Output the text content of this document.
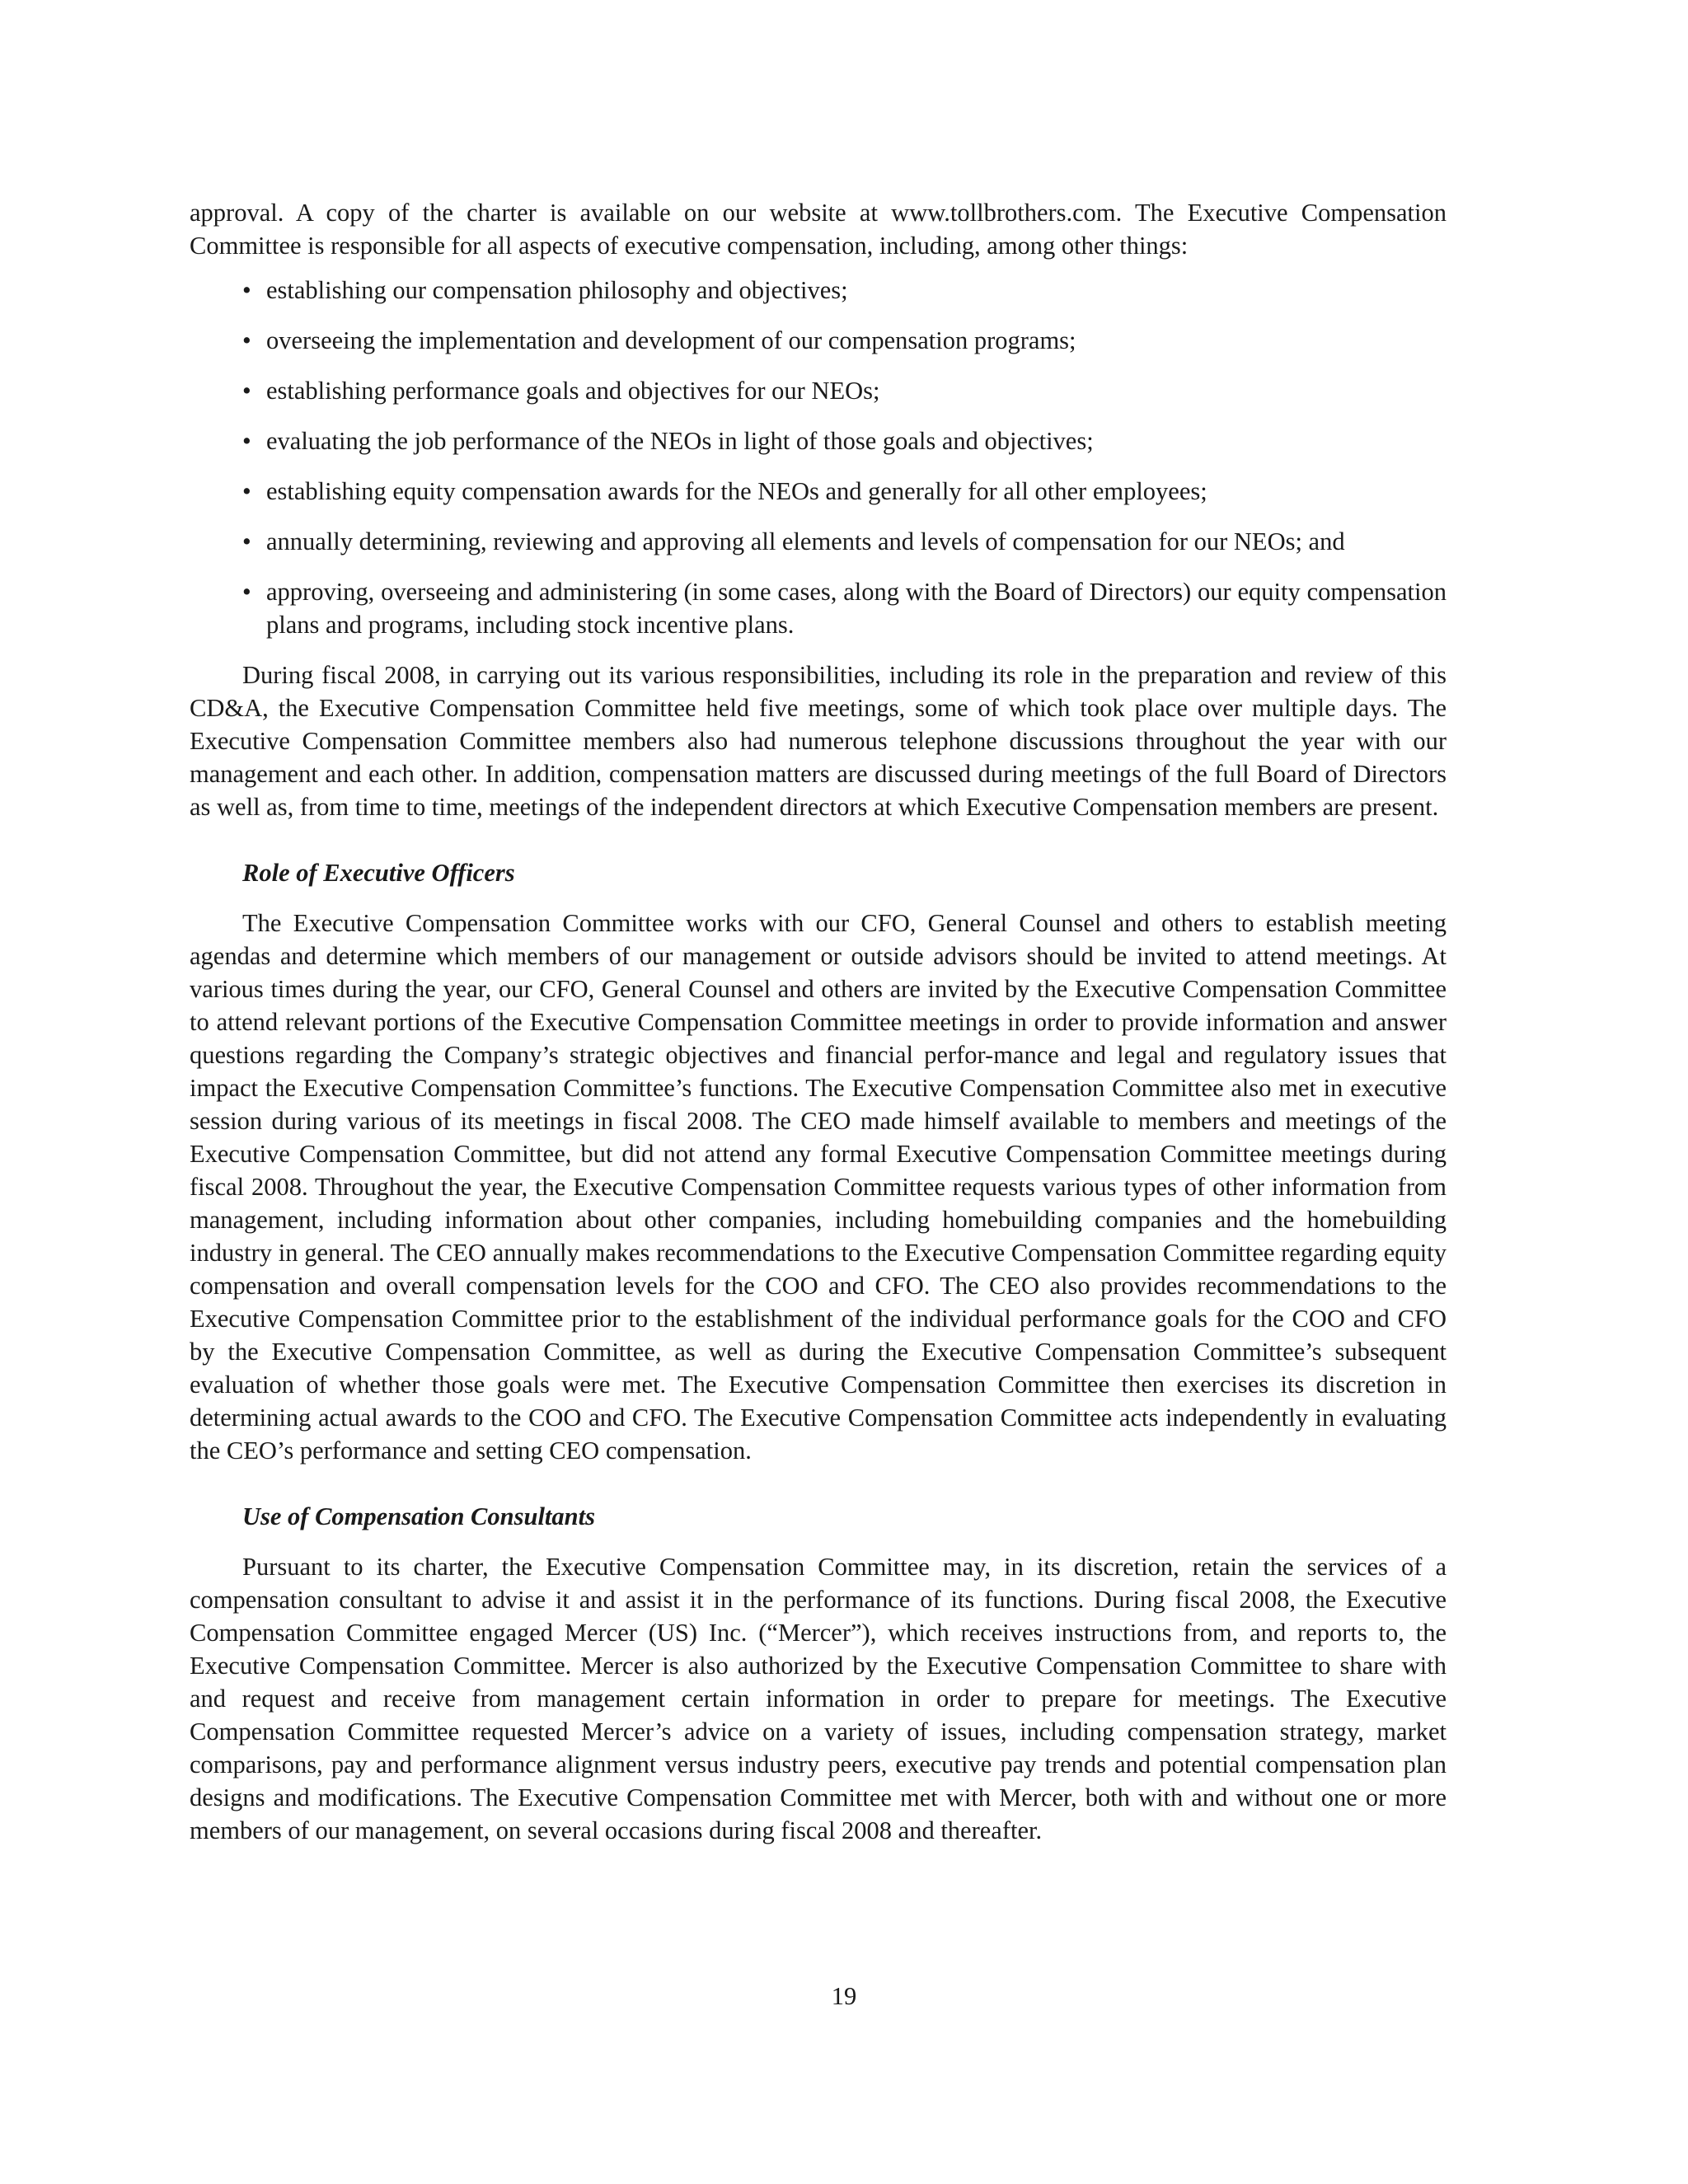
approval. A copy of the charter is available on our website at www.tollbrothers.com. The Executive Compensation Committee is responsible for all aspects of executive compensation, including, among other things:

• establishing our compensation philosophy and objectives;
• overseeing the implementation and development of our compensation programs;
• establishing performance goals and objectives for our NEOs;
• evaluating the job performance of the NEOs in light of those goals and objectives;
• establishing equity compensation awards for the NEOs and generally for all other employees;
• annually determining, reviewing and approving all elements and levels of compensation for our NEOs; and
• approving, overseeing and administering (in some cases, along with the Board of Directors) our equity compensation plans and programs, including stock incentive plans.

During fiscal 2008, in carrying out its various responsibilities, including its role in the preparation and review of this CD&A, the Executive Compensation Committee held five meetings, some of which took place over multiple days. The Executive Compensation Committee members also had numerous telephone discussions throughout the year with our management and each other. In addition, compensation matters are discussed during meetings of the full Board of Directors as well as, from time to time, meetings of the independent directors at which Executive Compensation members are present.

Role of Executive Officers

The Executive Compensation Committee works with our CFO, General Counsel and others to establish meeting agendas and determine which members of our management or outside advisors should be invited to attend meetings. At various times during the year, our CFO, General Counsel and others are invited by the Executive Compensation Committee to attend relevant portions of the Executive Compensation Committee meetings in order to provide information and answer questions regarding the Company’s strategic objectives and financial perfor-mance and legal and regulatory issues that impact the Executive Compensation Committee’s functions. The Executive Compensation Committee also met in executive session during various of its meetings in fiscal 2008. The CEO made himself available to members and meetings of the Executive Compensation Committee, but did not attend any formal Executive Compensation Committee meetings during fiscal 2008. Throughout the year, the Executive Compensation Committee requests various types of other information from management, including information about other companies, including homebuilding companies and the homebuilding industry in general. The CEO annually makes recommendations to the Executive Compensation Committee regarding equity compensation and overall compensation levels for the COO and CFO. The CEO also provides recommendations to the Executive Compensation Committee prior to the establishment of the individual performance goals for the COO and CFO by the Executive Compensation Committee, as well as during the Executive Compensation Committee’s subsequent evaluation of whether those goals were met. The Executive Compensation Committee then exercises its discretion in determining actual awards to the COO and CFO. The Executive Compensation Committee acts independently in evaluating the CEO’s performance and setting CEO compensation.

Use of Compensation Consultants

Pursuant to its charter, the Executive Compensation Committee may, in its discretion, retain the services of a compensation consultant to advise it and assist it in the performance of its functions. During fiscal 2008, the Executive Compensation Committee engaged Mercer (US) Inc. (“Mercer”), which receives instructions from, and reports to, the Executive Compensation Committee. Mercer is also authorized by the Executive Compensation Committee to share with and request and receive from management certain information in order to prepare for meetings. The Executive Compensation Committee requested Mercer’s advice on a variety of issues, including compensation strategy, market comparisons, pay and performance alignment versus industry peers, executive pay trends and potential compensation plan designs and modifications. The Executive Compensation Committee met with Mercer, both with and without one or more members of our management, on several occasions during fiscal 2008 and thereafter.

19
